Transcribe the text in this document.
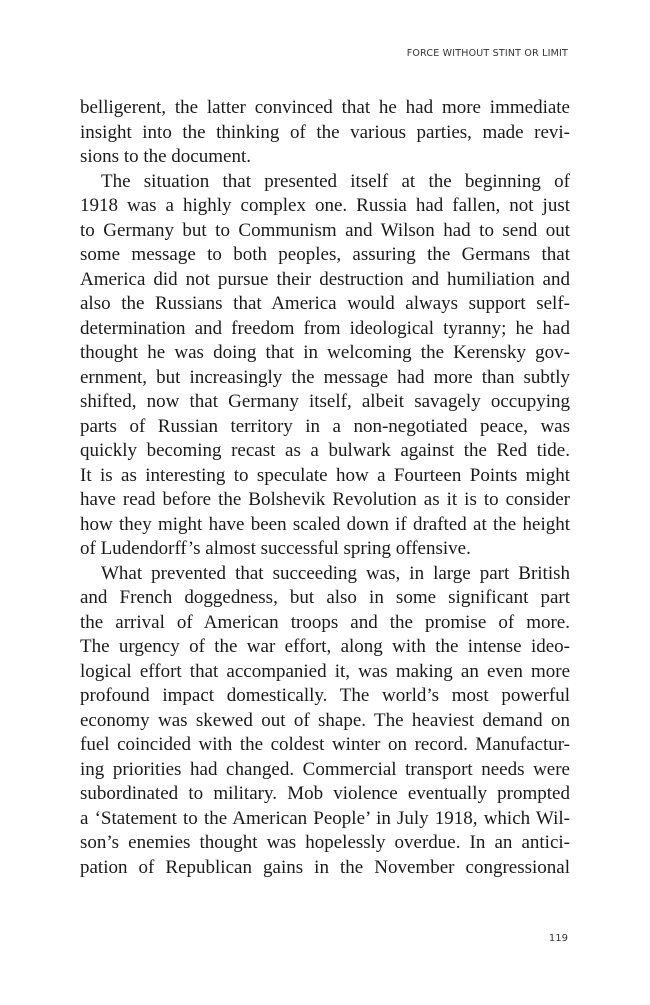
FORCE WITHOUT STINT OR LIMIT
belligerent, the latter convinced that he had more immediate
insight into the thinking of the various parties, made revi-
sions to the document.
The situation that presented itself at the beginning of
1918 was a highly complex one. Russia had fallen, not just
to Germany but to Communism and Wilson had to send out
some message to both peoples, assuring the Germans that
America did not pursue their destruction and humiliation and
also the Russians that America would always support self-
determination and freedom from ideological tyranny; he had
thought he was doing that in welcoming the Kerensky gov-
ernment, but increasingly the message had more than subtly
shifted, now that Germany itself, albeit savagely occupying
parts of Russian territory in a non-negotiated peace, was
quickly becoming recast as a bulwark against the Red tide.
It is as interesting to speculate how a Fourteen Points might
have read before the Bolshevik Revolution as it is to consider
how they might have been scaled down if drafted at the height
of Ludendorff’s almost successful spring offensive.
What prevented that succeeding was, in large part British
and French doggedness, but also in some significant part
the arrival of American troops and the promise of more.
The urgency of the war effort, along with the intense ideo-
logical effort that accompanied it, was making an even more
profound impact domestically. The world’s most powerful
economy was skewed out of shape. The heaviest demand on
fuel coincided with the coldest winter on record. Manufactur-
ing priorities had changed. Commercial transport needs were
subordinated to military. Mob violence eventually prompted
a ‘Statement to the American People’ in July 1918, which Wil-
son’s enemies thought was hopelessly overdue. In an antici-
pation of Republican gains in the November congressional
119
